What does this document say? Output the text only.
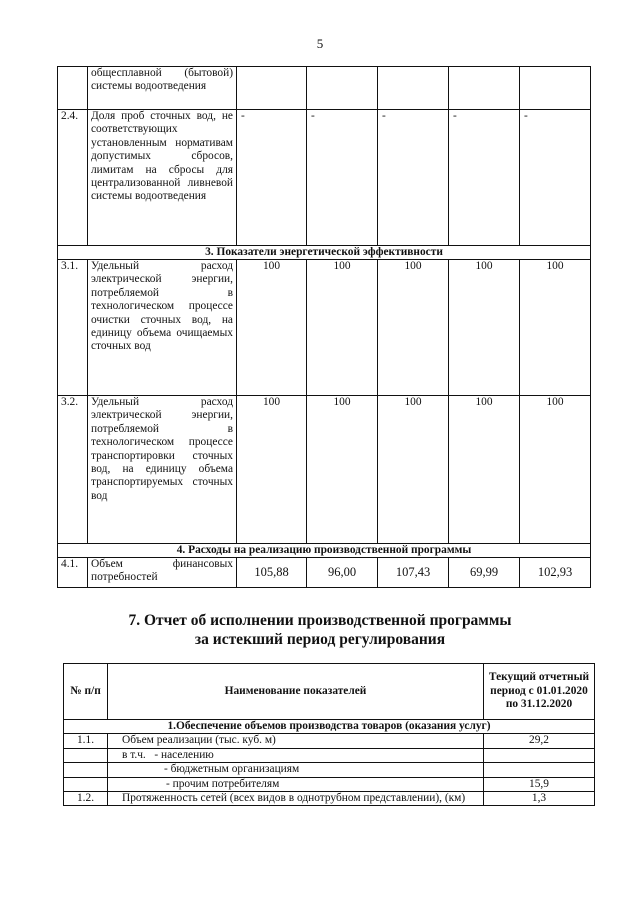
5
	общесплавной (бытовой) системы водоотведения					
2.4.	Доля проб сточных вод, не соответствующих установленным нормативам допустимых сбросов, лимитам на сбросы для централизованной ливневой системы водоотведения	-	-	-	-	-
3. Показатели энергетической эффективности						
3.1.	Удельный расход электрической энергии, потребляемой в технологическом процессе очистки сточных вод, на единицу объема очищаемых сточных вод	100	100	100	100	100
3.2.	Удельный расход электрической энергии, потребляемой в технологическом процессе транспортировки сточных вод, на единицу объема транспортируемых сточных вод	100	100	100	100	100
4. Расходы на реализацию производственной программы						
4.1.	Объем финансовых потребностей	105,88	96,00	107,43	69,99	102,93
7. Отчет об исполнении производственной программы
за истекший период регулирования
№ п/п	Наименование показателей	Текущий отчетный период с 01.01.2020 по 31.12.2020
1.Обеспечение объемов производства товаров (оказания услуг)		
1.1.	Объем реализации (тыс. куб. м)	29,2
	в т.ч. - населению	
	- бюджетным организациям	
	- прочим потребителям	15,9
1.2.	Протяженность сетей (всех видов в однотрубном представлении), (км)	1,3
